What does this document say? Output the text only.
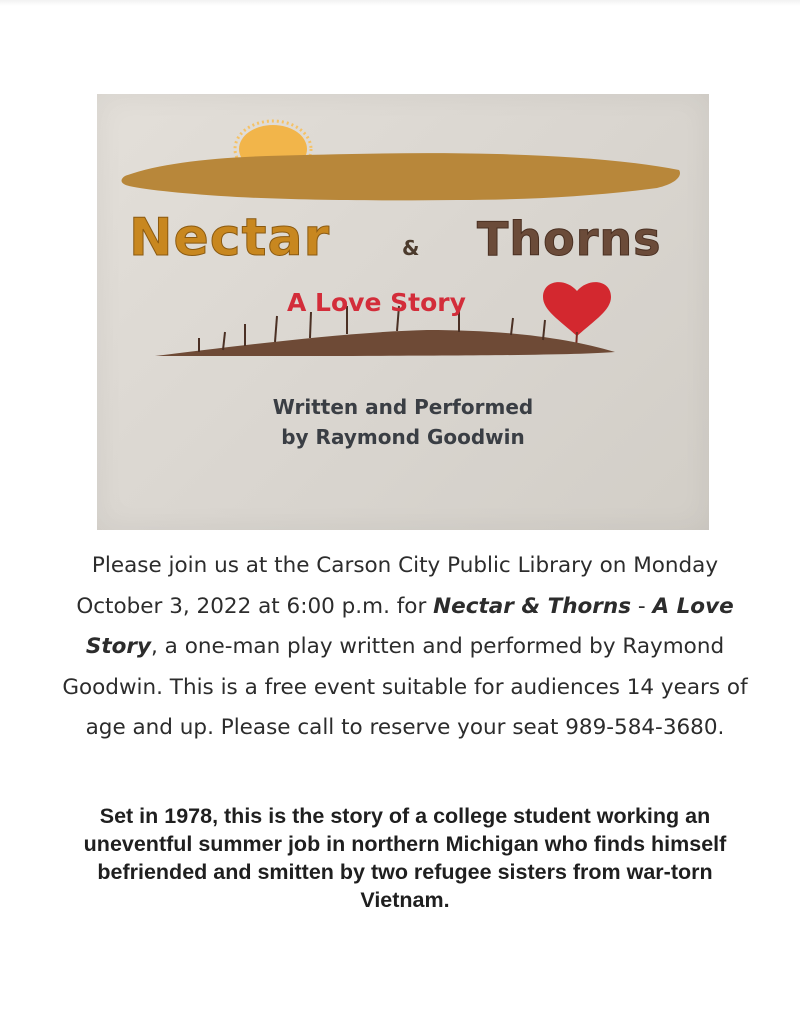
Nectar	& Thorns
A Love Story
Written and Performed
by Raymond Goodwin
Please join us at the Carson City Public Library on Monday October 3, 2022 at 6:00 p.m. for Nectar & Thorns - A Love Story, a one-man play written and performed by Raymond Goodwin. This is a free event suitable for audiences 14 years of age and up. Please call to reserve your seat 989-584-3680.
Set in 1978, this is the story of a college student working an uneventful summer job in northern Michigan who finds himself befriended and smitten by two refugee sisters from war-torn Vietnam.
